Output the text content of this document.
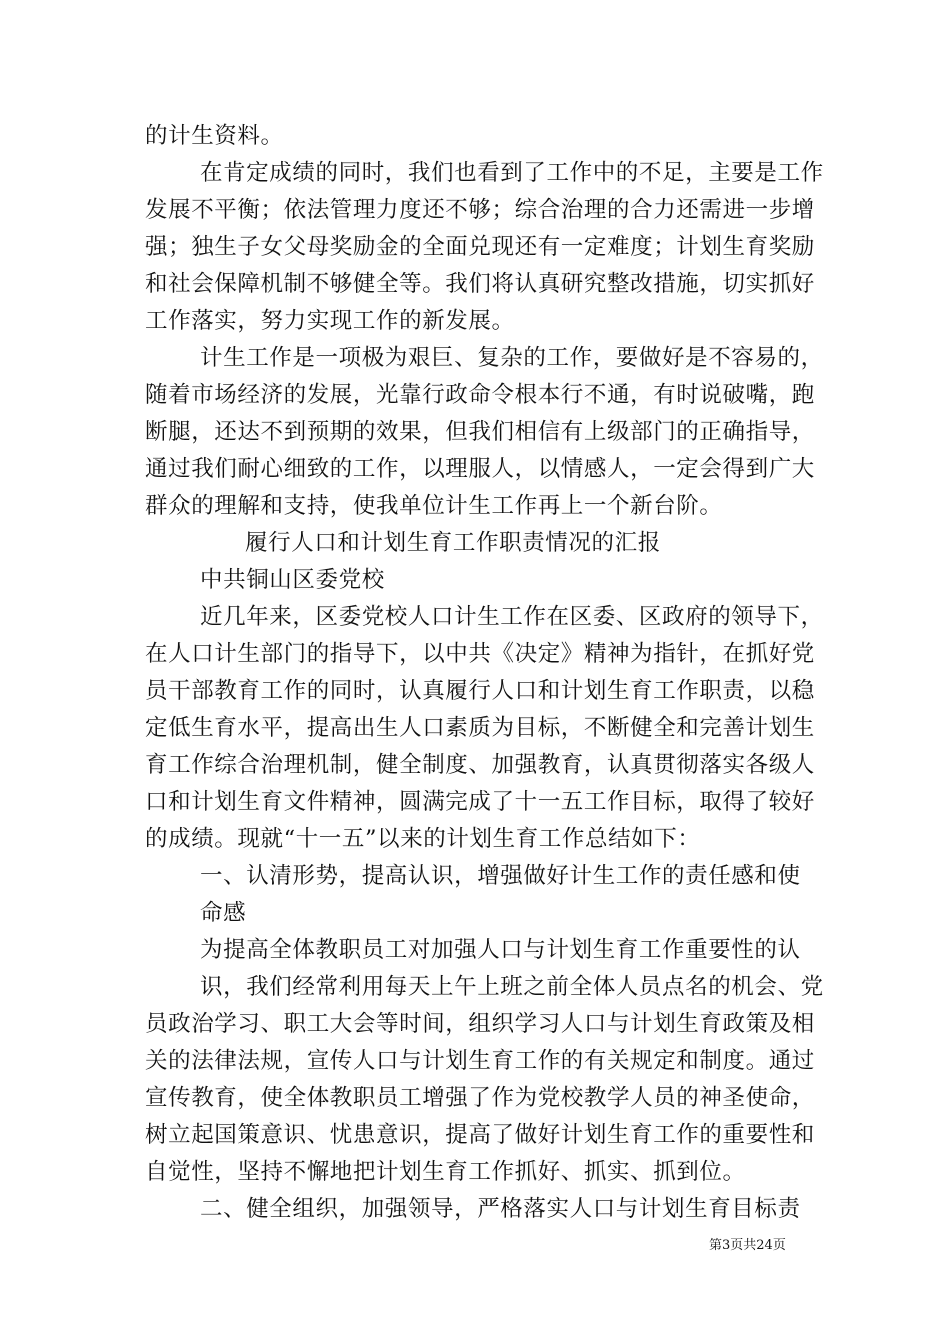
的计生资料。
在肯定成绩的同时，我们也看到了工作中的不足，主要是工作
发展不平衡；依法管理力度还不够；综合治理的合力还需进一步增
强；独生子女父母奖励金的全面兑现还有一定难度；计划生育奖励
和社会保障机制不够健全等。我们将认真研究整改措施，切实抓好
工作落实，努力实现工作的新发展。
计生工作是一项极为艰巨、复杂的工作，要做好是不容易的，
随着市场经济的发展，光靠行政命令根本行不通，有时说破嘴，跑
断腿，还达不到预期的效果，但我们相信有上级部门的正确指导，
通过我们耐心细致的工作，以理服人，以情感人，一定会得到广大
群众的理解和支持，使我单位计生工作再上一个新台阶。
履行人口和计划生育工作职责情况的汇报
中共铜山区委党校
近几年来，区委党校人口计生工作在区委、区政府的领导下，
在人口计生部门的指导下，以中共《决定》精神为指针，在抓好党
员干部教育工作的同时，认真履行人口和计划生育工作职责，以稳
定低生育水平，提高出生人口素质为目标，不断健全和完善计划生
育工作综合治理机制，健全制度、加强教育，认真贯彻落实各级人
口和计划生育文件精神，圆满完成了十一五工作目标，取得了较好
的成绩。现就“十一五”以来的计划生育工作总结如下：
一、认清形势，提高认识，增强做好计生工作的责任感和使
命感
为提高全体教职员工对加强人口与计划生育工作重要性的认
识，我们经常利用每天上午上班之前全体人员点名的机会、党
员政治学习、职工大会等时间，组织学习人口与计划生育政策及相
关的法律法规，宣传人口与计划生育工作的有关规定和制度。通过
宣传教育，使全体教职员工增强了作为党校教学人员的神圣使命，
树立起国策意识、忧患意识，提高了做好计划生育工作的重要性和
自觉性，坚持不懈地把计划生育工作抓好、抓实、抓到位。
二、健全组织，加强领导，严格落实人口与计划生育目标责
第3页共24页
